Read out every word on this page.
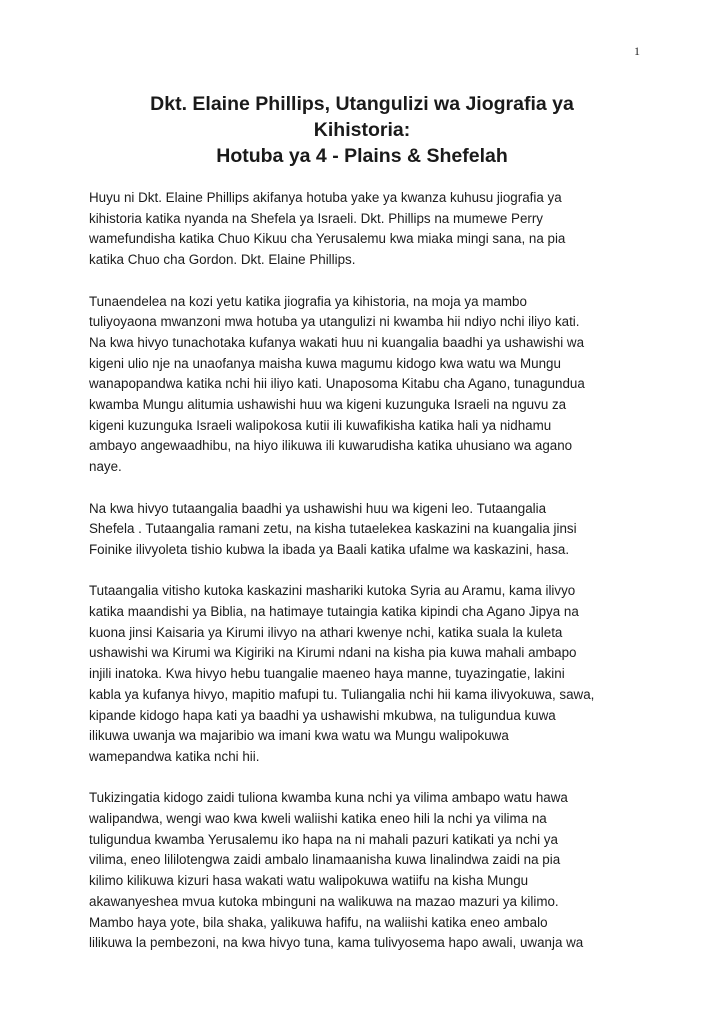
1
Dkt. Elaine Phillips, Utangulizi wa Jiografia ya
Kihistoria:
Hotuba ya 4 - Plains & Shefelah
Huyu ni Dkt. Elaine Phillips akifanya hotuba yake ya kwanza kuhusu jiografia ya
kihistoria katika nyanda na Shefela ya Israeli. Dkt. Phillips na mumewe Perry
wamefundisha katika Chuo Kikuu cha Yerusalemu kwa miaka mingi sana, na pia
katika Chuo cha Gordon. Dkt. Elaine Phillips.
Tunaendelea na kozi yetu katika jiografia ya kihistoria, na moja ya mambo
tuliyoyaona mwanzoni mwa hotuba ya utangulizi ni kwamba hii ndiyo nchi iliyo kati.
Na kwa hivyo tunachotaka kufanya wakati huu ni kuangalia baadhi ya ushawishi wa
kigeni ulio nje na unaofanya maisha kuwa magumu kidogo kwa watu wa Mungu
wanapopandwa katika nchi hii iliyo kati. Unaposoma Kitabu cha Agano, tunagundua
kwamba Mungu alitumia ushawishi huu wa kigeni kuzunguka Israeli na nguvu za
kigeni kuzunguka Israeli walipokosa kutii ili kuwafikisha katika hali ya nidhamu
ambayo angewaadhibu, na hiyo ilikuwa ili kuwarudisha katika uhusiano wa agano
naye.
Na kwa hivyo tutaangalia baadhi ya ushawishi huu wa kigeni leo. Tutaangalia
Shefela . Tutaangalia ramani zetu, na kisha tutaelekea kaskazini na kuangalia jinsi
Foinike ilivyoleta tishio kubwa la ibada ya Baali katika ufalme wa kaskazini, hasa.
Tutaangalia vitisho kutoka kaskazini mashariki kutoka Syria au Aramu, kama ilivyo
katika maandishi ya Biblia, na hatimaye tutaingia katika kipindi cha Agano Jipya na
kuona jinsi Kaisaria ya Kirumi ilivyo na athari kwenye nchi, katika suala la kuleta
ushawishi wa Kirumi wa Kigiriki na Kirumi ndani na kisha pia kuwa mahali ambapo
injili inatoka. Kwa hivyo hebu tuangalie maeneo haya manne, tuyazingatie, lakini
kabla ya kufanya hivyo, mapitio mafupi tu. Tuliangalia nchi hii kama ilivyokuwa, sawa,
kipande kidogo hapa kati ya baadhi ya ushawishi mkubwa, na tuligundua kuwa
ilikuwa uwanja wa majaribio wa imani kwa watu wa Mungu walipokuwa
wamepandwa katika nchi hii.
Tukizingatia kidogo zaidi tuliona kwamba kuna nchi ya vilima ambapo watu hawa
walipandwa, wengi wao kwa kweli waliishi katika eneo hili la nchi ya vilima na
tuligundua kwamba Yerusalemu iko hapa na ni mahali pazuri katikati ya nchi ya
vilima, eneo lililotengwa zaidi ambalo linamaanisha kuwa linalindwa zaidi na pia
kilimo kilikuwa kizuri hasa wakati watu walipokuwa watiifu na kisha Mungu
akawanyeshea mvua kutoka mbinguni na walikuwa na mazao mazuri ya kilimo.
Mambo haya yote, bila shaka, yalikuwa hafifu, na waliishi katika eneo ambalo
lilikuwa la pembezoni, na kwa hivyo tuna, kama tulivyosema hapo awali, uwanja wa
